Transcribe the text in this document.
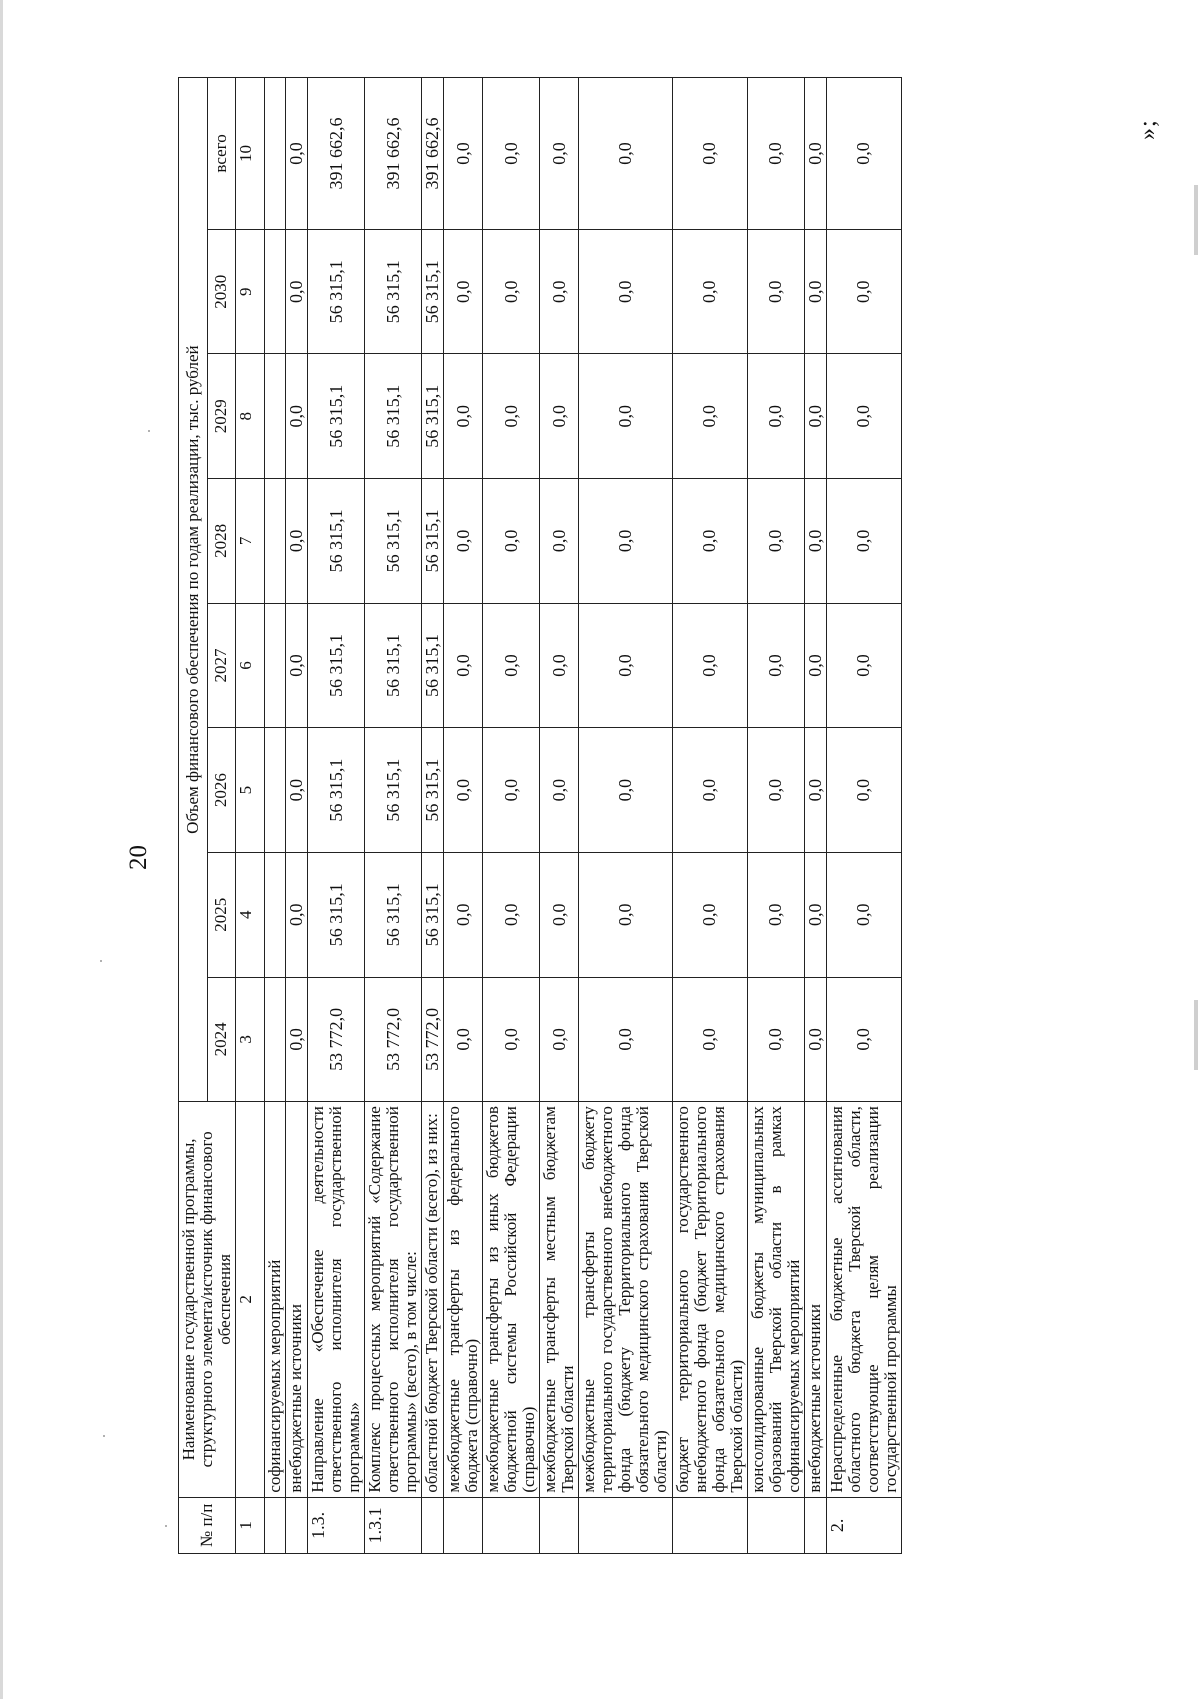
20
№ п/п	Наименование государственной программы, структурного элемента/источник финансового обеспечения	Объем финансового обеспечения по годам реализации, тыс. рублей							
		2024	2025	2026	2027	2028	2029	2030	всего
1	2	3	4	5	6	7	8	9	10
	софинансируемых мероприятий								
	внебюджетные источники	0,0	0,0	0,0	0,0	0,0	0,0	0,0	0,0
1.3.	Направление «Обеспечение деятельности ответственного исполнителя государственной программы»	53 772,0	56 315,1	56 315,1	56 315,1	56 315,1	56 315,1	56 315,1	391 662,6
1.3.1	Комплекс процессных мероприятий «Содержание ответственного исполнителя государственной программы» (всего), в том числе:	53 772,0	56 315,1	56 315,1	56 315,1	56 315,1	56 315,1	56 315,1	391 662,6
	областной бюджет Тверской области (всего), из них:	53 772,0	56 315,1	56 315,1	56 315,1	56 315,1	56 315,1	56 315,1	391 662,6
	межбюджетные трансферты из федерального бюджета (справочно)	0,0	0,0	0,0	0,0	0,0	0,0	0,0	0,0
	межбюджетные трансферты из иных бюджетов бюджетной системы Российской Федерации (справочно)	0,0	0,0	0,0	0,0	0,0	0,0	0,0	0,0
	межбюджетные трансферты местным бюджетам Тверской области	0,0	0,0	0,0	0,0	0,0	0,0	0,0	0,0
	межбюджетные трансферты бюджету территориального государственного внебюджетного фонда (бюджету Территориального фонда обязательного медицинского страхования Тверской области)	0,0	0,0	0,0	0,0	0,0	0,0	0,0	0,0
	бюджет территориального государственного внебюджетного фонда (бюджет Территориального фонда обязательного медицинского страхования Тверской области)	0,0	0,0	0,0	0,0	0,0	0,0	0,0	0,0
	консолидированные бюджеты муниципальных образований Тверской области в рамках софинансируемых мероприятий	0,0	0,0	0,0	0,0	0,0	0,0	0,0	0,0
	внебюджетные источники	0,0	0,0	0,0	0,0	0,0	0,0	0,0	0,0
2.	Нераспределенные бюджетные ассигнования областного бюджета Тверской области, соответствующие целям реализации государственной программы	0,0	0,0	0,0	0,0	0,0	0,0	0,0	0,0
»;
